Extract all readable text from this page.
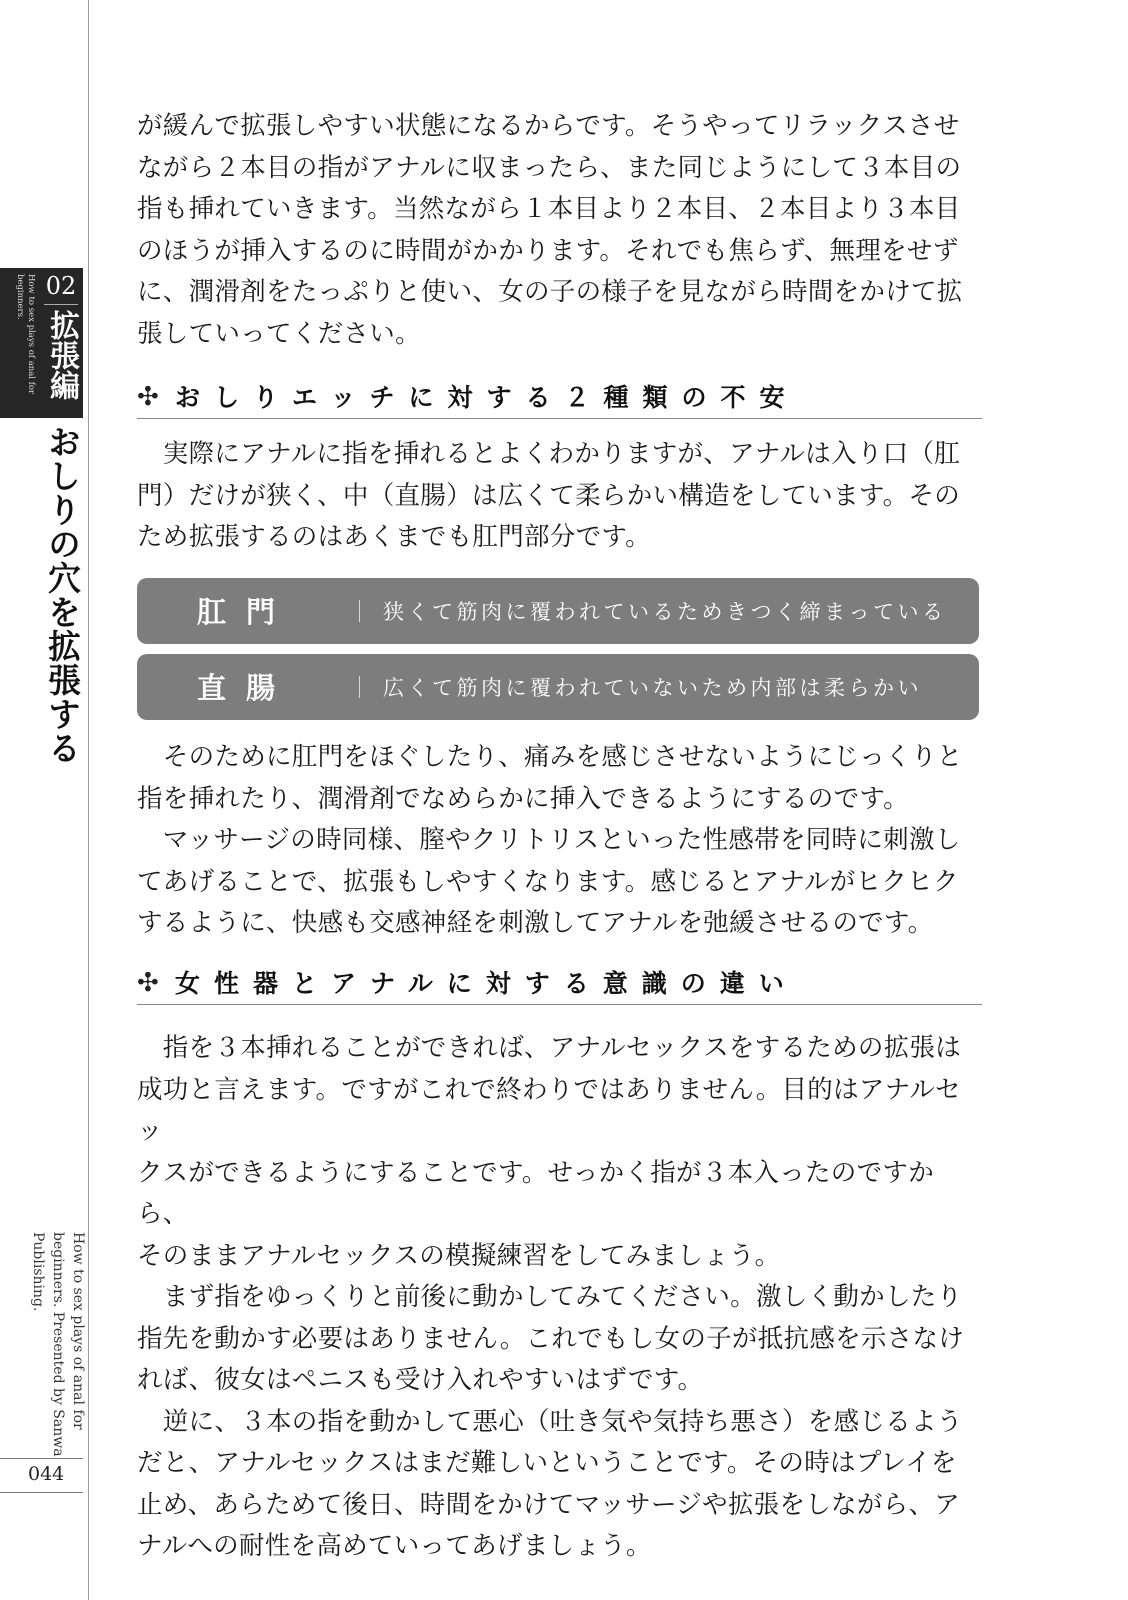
How to sex plays of anal for beginners. 02
拡張編
おしりの穴を拡張する
How to sex plays of anal for beginners. Presented by Sanwa Publishing.
044

が緩んで拡張しやすい状態になるからです。そうやってリラックスさせ
ながら２本目の指がアナルに収まったら、また同じようにして３本目の
指も挿れていきます。当然ながら１本目より２本目、２本目より３本目
のほうが挿入するのに時間がかかります。それでも焦らず、無理をせず
に、潤滑剤をたっぷりと使い、女の子の様子を見ながら時間をかけて拡
張していってください。

✣ おしりエッチに対する２種類の不安

　実際にアナルに指を挿れるとよくわかりますが、アナルは入り口（肛
門）だけが狭く、中（直腸）は広くて柔らかい構造をしています。その
ため拡張するのはあくまでも肛門部分です。

肛門	狭くて筋肉に覆われているためきつく締まっている
直腸	広くて筋肉に覆われていないため内部は柔らかい

　そのために肛門をほぐしたり、痛みを感じさせないようにじっくりと
指を挿れたり、潤滑剤でなめらかに挿入できるようにするのです。
　マッサージの時同様、膣やクリトリスといった性感帯を同時に刺激し
てあげることで、拡張もしやすくなります。感じるとアナルがヒクヒク
するように、快感も交感神経を刺激してアナルを弛緩させるのです。

✣ 女性器とアナルに対する意識の違い

　指を３本挿れることができれば、アナルセックスをするための拡張は
成功と言えます。ですがこれで終わりではありません。目的はアナルセッ
クスができるようにすることです。せっかく指が３本入ったのですから、
そのままアナルセックスの模擬練習をしてみましょう。
　まず指をゆっくりと前後に動かしてみてください。激しく動かしたり
指先を動かす必要はありません。これでもし女の子が抵抗感を示さなけ
れば、彼女はペニスも受け入れやすいはずです。
　逆に、３本の指を動かして悪心（吐き気や気持ち悪さ）を感じるよう
だと、アナルセックスはまだ難しいということです。その時はプレイを
止め、あらためて後日、時間をかけてマッサージや拡張をしながら、ア
ナルへの耐性を高めていってあげましょう。
